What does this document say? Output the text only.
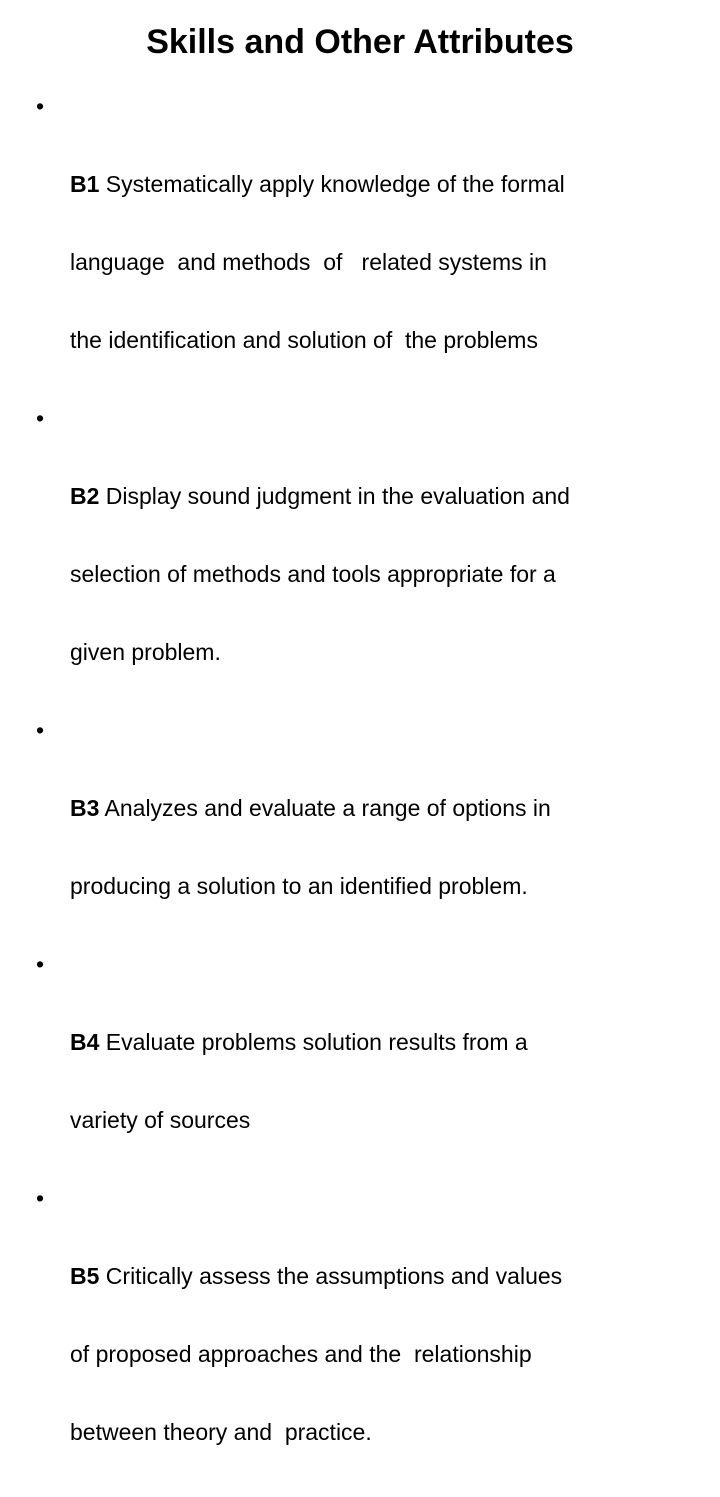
Skills and Other Attributes

•

B1 Systematically apply knowledge of the formal

language  and methods  of   related systems in

the identification and solution of  the problems

•

B2 Display sound judgment in the evaluation and

selection of methods and tools appropriate for a

given problem.

•

B3 Analyzes and evaluate a range of options in

producing a solution to an identified problem.

•

B4 Evaluate problems solution results from a

variety of sources

•

B5 Critically assess the assumptions and values

of proposed approaches and the  relationship

between theory and  practice.
